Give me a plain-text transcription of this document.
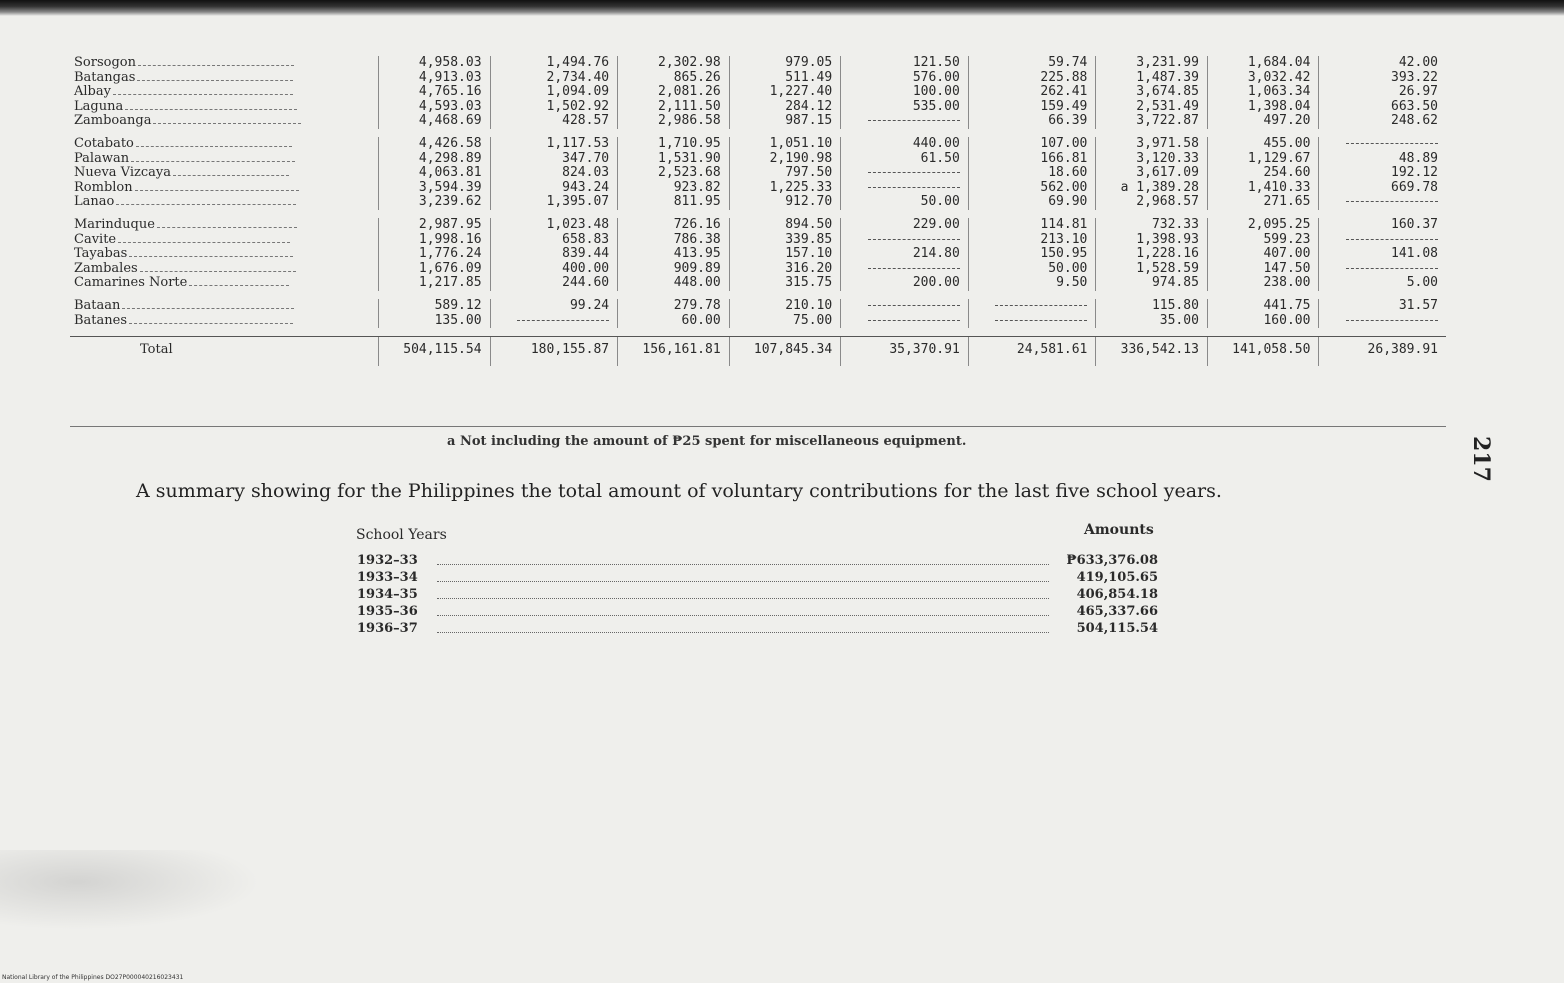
Sorsogon	4,958.03	1,494.76	2,302.98	979.05	121.50	59.74	3,231.99	1,684.04	42.00
Batangas	4,913.03	2,734.40	865.26	511.49	576.00	225.88	1,487.39	3,032.42	393.22
Albay	4,765.16	1,094.09	2,081.26	1,227.40	100.00	262.41	3,674.85	1,063.34	26.97
Laguna	4,593.03	1,502.92	2,111.50	284.12	535.00	159.49	2,531.49	1,398.04	663.50
Zamboanga	4,468.69	428.57	2,986.58	987.15		66.39	3,722.87	497.20	248.62

Cotabato	4,426.58	1,117.53	1,710.95	1,051.10	440.00	107.00	3,971.58	455.00	
Palawan	4,298.89	347.70	1,531.90	2,190.98	61.50	166.81	3,120.33	1,129.67	48.89
Nueva Vizcaya	4,063.81	824.03	2,523.68	797.50		18.60	3,617.09	254.60	192.12
Romblon	3,594.39	943.24	923.82	1,225.33		562.00	a 1,389.28	1,410.33	669.78
Lanao	3,239.62	1,395.07	811.95	912.70	50.00	69.90	2,968.57	271.65	

Marinduque	2,987.95	1,023.48	726.16	894.50	229.00	114.81	732.33	2,095.25	160.37
Cavite	1,998.16	658.83	786.38	339.85		213.10	1,398.93	599.23	
Tayabas	1,776.24	839.44	413.95	157.10	214.80	150.95	1,228.16	407.00	141.08
Zambales	1,676.09	400.00	909.89	316.20		50.00	1,528.59	147.50	
Camarines Norte	1,217.85	244.60	448.00	315.75	200.00	9.50	974.85	238.00	5.00

Bataan	589.12	99.24	279.78	210.10			115.80	441.75	31.57
Batanes	135.00		60.00	75.00			35.00	160.00	

Total	504,115.54	180,155.87	156,161.81	107,845.34	35,370.91	24,581.61	336,542.13	141,058.50	26,389.91
a Not including the amount of ₱25 spent for miscellaneous equipment.	217
A summary showing for the Philippines the total amount of voluntary contributions for the last five school years.
School Years	Amounts
1932–33	₱633,376.08
1933–34	419,105.65
1934–35	406,854.18
1935–36	465,337.66
1936–37	504,115.54
National Library of the Philippines DO27P000040216023431
